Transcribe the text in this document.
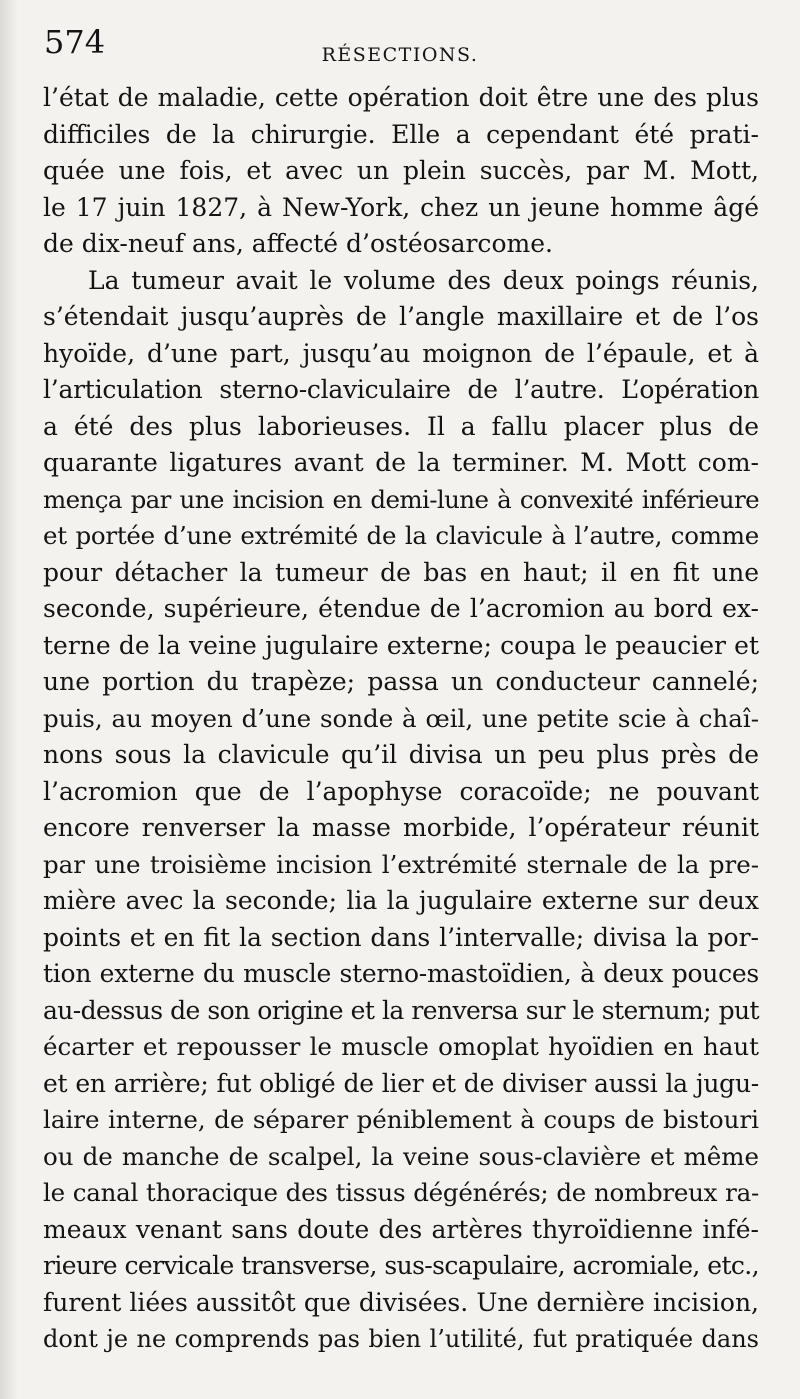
574	RÉSECTIONS.
l’état de maladie, cette opération doit être une des plus
difficiles de la chirurgie. Elle a cependant été prati-
quée une fois, et avec un plein succès, par M. Mott,
le 17 juin 1827, à New-York, chez un jeune homme âgé
de dix-neuf ans, affecté d’ostéosarcome.
La tumeur avait le volume des deux poings réunis,
s’étendait jusqu’auprès de l’angle maxillaire et de l’os
hyoïde, d’une part, jusqu’au moignon de l’épaule, et à
l’articulation sterno-claviculaire de l’autre. L’opération
a été des plus laborieuses. Il a fallu placer plus de
quarante ligatures avant de la terminer. M. Mott com-
mença par une incision en demi-lune à convexité inférieure
et portée d’une extrémité de la clavicule à l’autre, comme
pour détacher la tumeur de bas en haut; il en fit une
seconde, supérieure, étendue de l’acromion au bord ex-
terne de la veine jugulaire externe; coupa le peaucier et
une portion du trapèze; passa un conducteur cannelé;
puis, au moyen d’une sonde à œil, une petite scie à chaî-
nons sous la clavicule qu’il divisa un peu plus près de
l’acromion que de l’apophyse coracoïde; ne pouvant
encore renverser la masse morbide, l’opérateur réunit
par une troisième incision l’extrémité sternale de la pre-
mière avec la seconde; lia la jugulaire externe sur deux
points et en fit la section dans l’intervalle; divisa la por-
tion externe du muscle sterno-mastoïdien, à deux pouces
au-dessus de son origine et la renversa sur le sternum; put
écarter et repousser le muscle omoplat hyoïdien en haut
et en arrière; fut obligé de lier et de diviser aussi la jugu-
laire interne, de séparer péniblement à coups de bistouri
ou de manche de scalpel, la veine sous-clavière et même
le canal thoracique des tissus dégénérés; de nombreux ra-
meaux venant sans doute des artères thyroïdienne infé-
rieure cervicale transverse, sus-scapulaire, acromiale, etc.,
furent liées aussitôt que divisées. Une dernière incision,
dont je ne comprends pas bien l’utilité, fut pratiquée dans
